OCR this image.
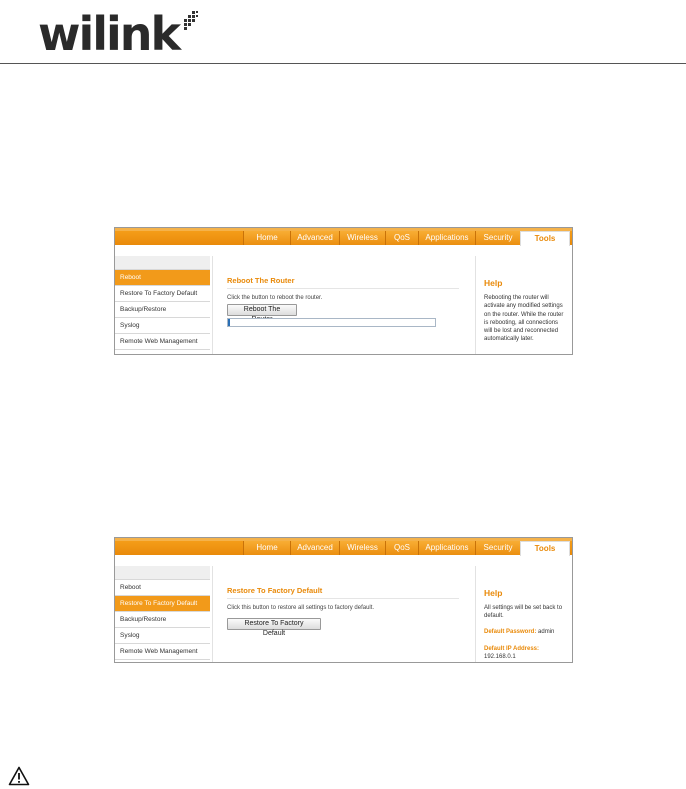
wilink
Home	Advanced	Wireless	QoS	Applications	Security	Tools
Reboot
Restore To Factory Default
Backup/Restore
Syslog
Remote Web Management
Reboot The Router
Click the button to reboot the router.
Reboot The
Help
Rebooting the router will activate any modified settings on the router. While the router is rebooting, all connections will be lost and reconnected automatically later.
Home	Advanced	Wireless	QoS	Applications	Security	Tools
Reboot
Restore To Factory Default
Backup/Restore
Syslog
Remote Web Management
Restore To Factory Default
Click this button to restore all settings to factory default.
Restore To Factory Default
Help
All settings will be set back to default.
Default Password: admin
Default IP Address:
192.168.0.1
